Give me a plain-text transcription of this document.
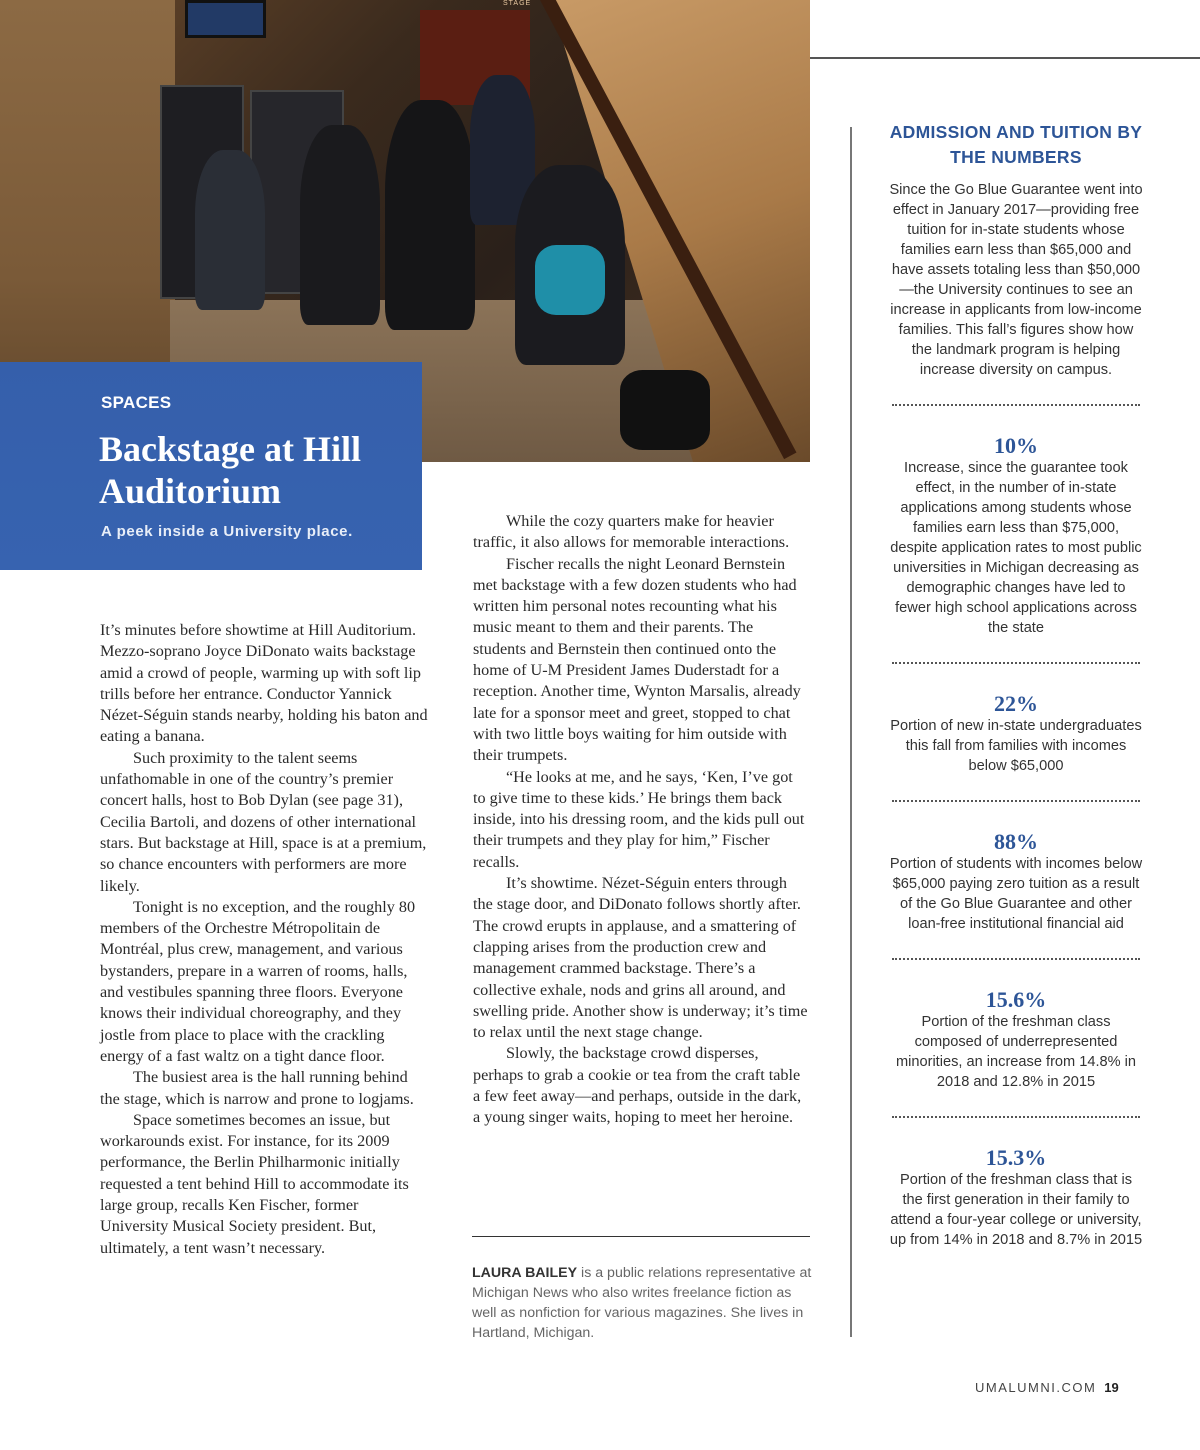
STAGE
SPACES
Backstage at Hill Auditorium
A peek inside a University place.

It’s minutes before showtime at Hill Auditorium. Mezzo-soprano Joyce DiDonato waits backstage amid a crowd of people, warming up with soft lip trills before her entrance. Conductor Yannick Nézet-Séguin stands nearby, holding his baton and eating a banana.

Such proximity to the talent seems unfathomable in one of the country’s premier concert halls, host to Bob Dylan (see page 31), Cecilia Bartoli, and dozens of other international stars. But backstage at Hill, space is at a premium, so chance encounters with performers are more likely.

Tonight is no exception, and the roughly 80 members of the Orchestre Métropolitain de Montréal, plus crew, management, and various bystanders, prepare in a warren of rooms, halls, and vestibules spanning three floors. Everyone knows their individual choreography, and they jostle from place to place with the crackling energy of a fast waltz on a tight dance floor.

The busiest area is the hall running behind the stage, which is narrow and prone to logjams.

Space sometimes becomes an issue, but workarounds exist. For instance, for its 2009 performance, the Berlin Philharmonic initially requested a tent behind Hill to accommodate its large group, recalls Ken Fischer, former University Musical Society president. But, ultimately, a tent wasn’t necessary.

While the cozy quarters make for heavier traffic, it also allows for memorable interactions.

Fischer recalls the night Leonard Bernstein met backstage with a few dozen students who had written him personal notes recounting what his music meant to them and their parents. The students and Bernstein then continued onto the home of U-M President James Duderstadt for a reception. Another time, Wynton Marsalis, already late for a sponsor meet and greet, stopped to chat with two little boys waiting for him outside with their trumpets.

“He looks at me, and he says, ‘Ken, I’ve got to give time to these kids.’ He brings them back inside, into his dressing room, and the kids pull out their trumpets and they play for him,” Fischer recalls.

It’s showtime. Nézet-Séguin enters through the stage door, and DiDonato follows shortly after. The crowd erupts in applause, and a smattering of clapping arises from the production crew and management crammed backstage. There’s a collective exhale, nods and grins all around, and swelling pride. Another show is underway; it’s time to relax until the next stage change.

Slowly, the backstage crowd disperses, perhaps to grab a cookie or tea from the craft table a few feet away—and perhaps, outside in the dark, a young singer waits, hoping to meet her heroine.

LAURA BAILEY is a public relations representative at Michigan News who also writes freelance fiction as well as nonfiction for various magazines. She lives in Hartland, Michigan.
ADMISSION AND TUITION BY THE NUMBERS

Since the Go Blue Guarantee went into effect in January 2017—providing free tuition for in-state students whose families earn less than $65,000 and have assets totaling less than $50,000—the University continues to see an increase in applicants from low-income families. This fall’s figures show how the landmark program is helping increase diversity on campus.

10%
Increase, since the guarantee took effect, in the number of in-state applications among students whose families earn less than $75,000, despite application rates to most public universities in Michigan decreasing as demographic changes have led to fewer high school applications across the state
22%
Portion of new in-state undergraduates this fall from families with incomes below $65,000
88%
Portion of students with incomes below $65,000 paying zero tuition as a result of the Go Blue Guarantee and other loan-free institutional financial aid
15.6%
Portion of the freshman class composed of underrepresented minorities, an increase from 14.8% in 2018 and 12.8% in 2015
15.3%
Portion of the freshman class that is the first generation in their family to attend a four-year college or university, up from 14% in 2018 and 8.7% in 2015
UMALUMNI.COM 19
